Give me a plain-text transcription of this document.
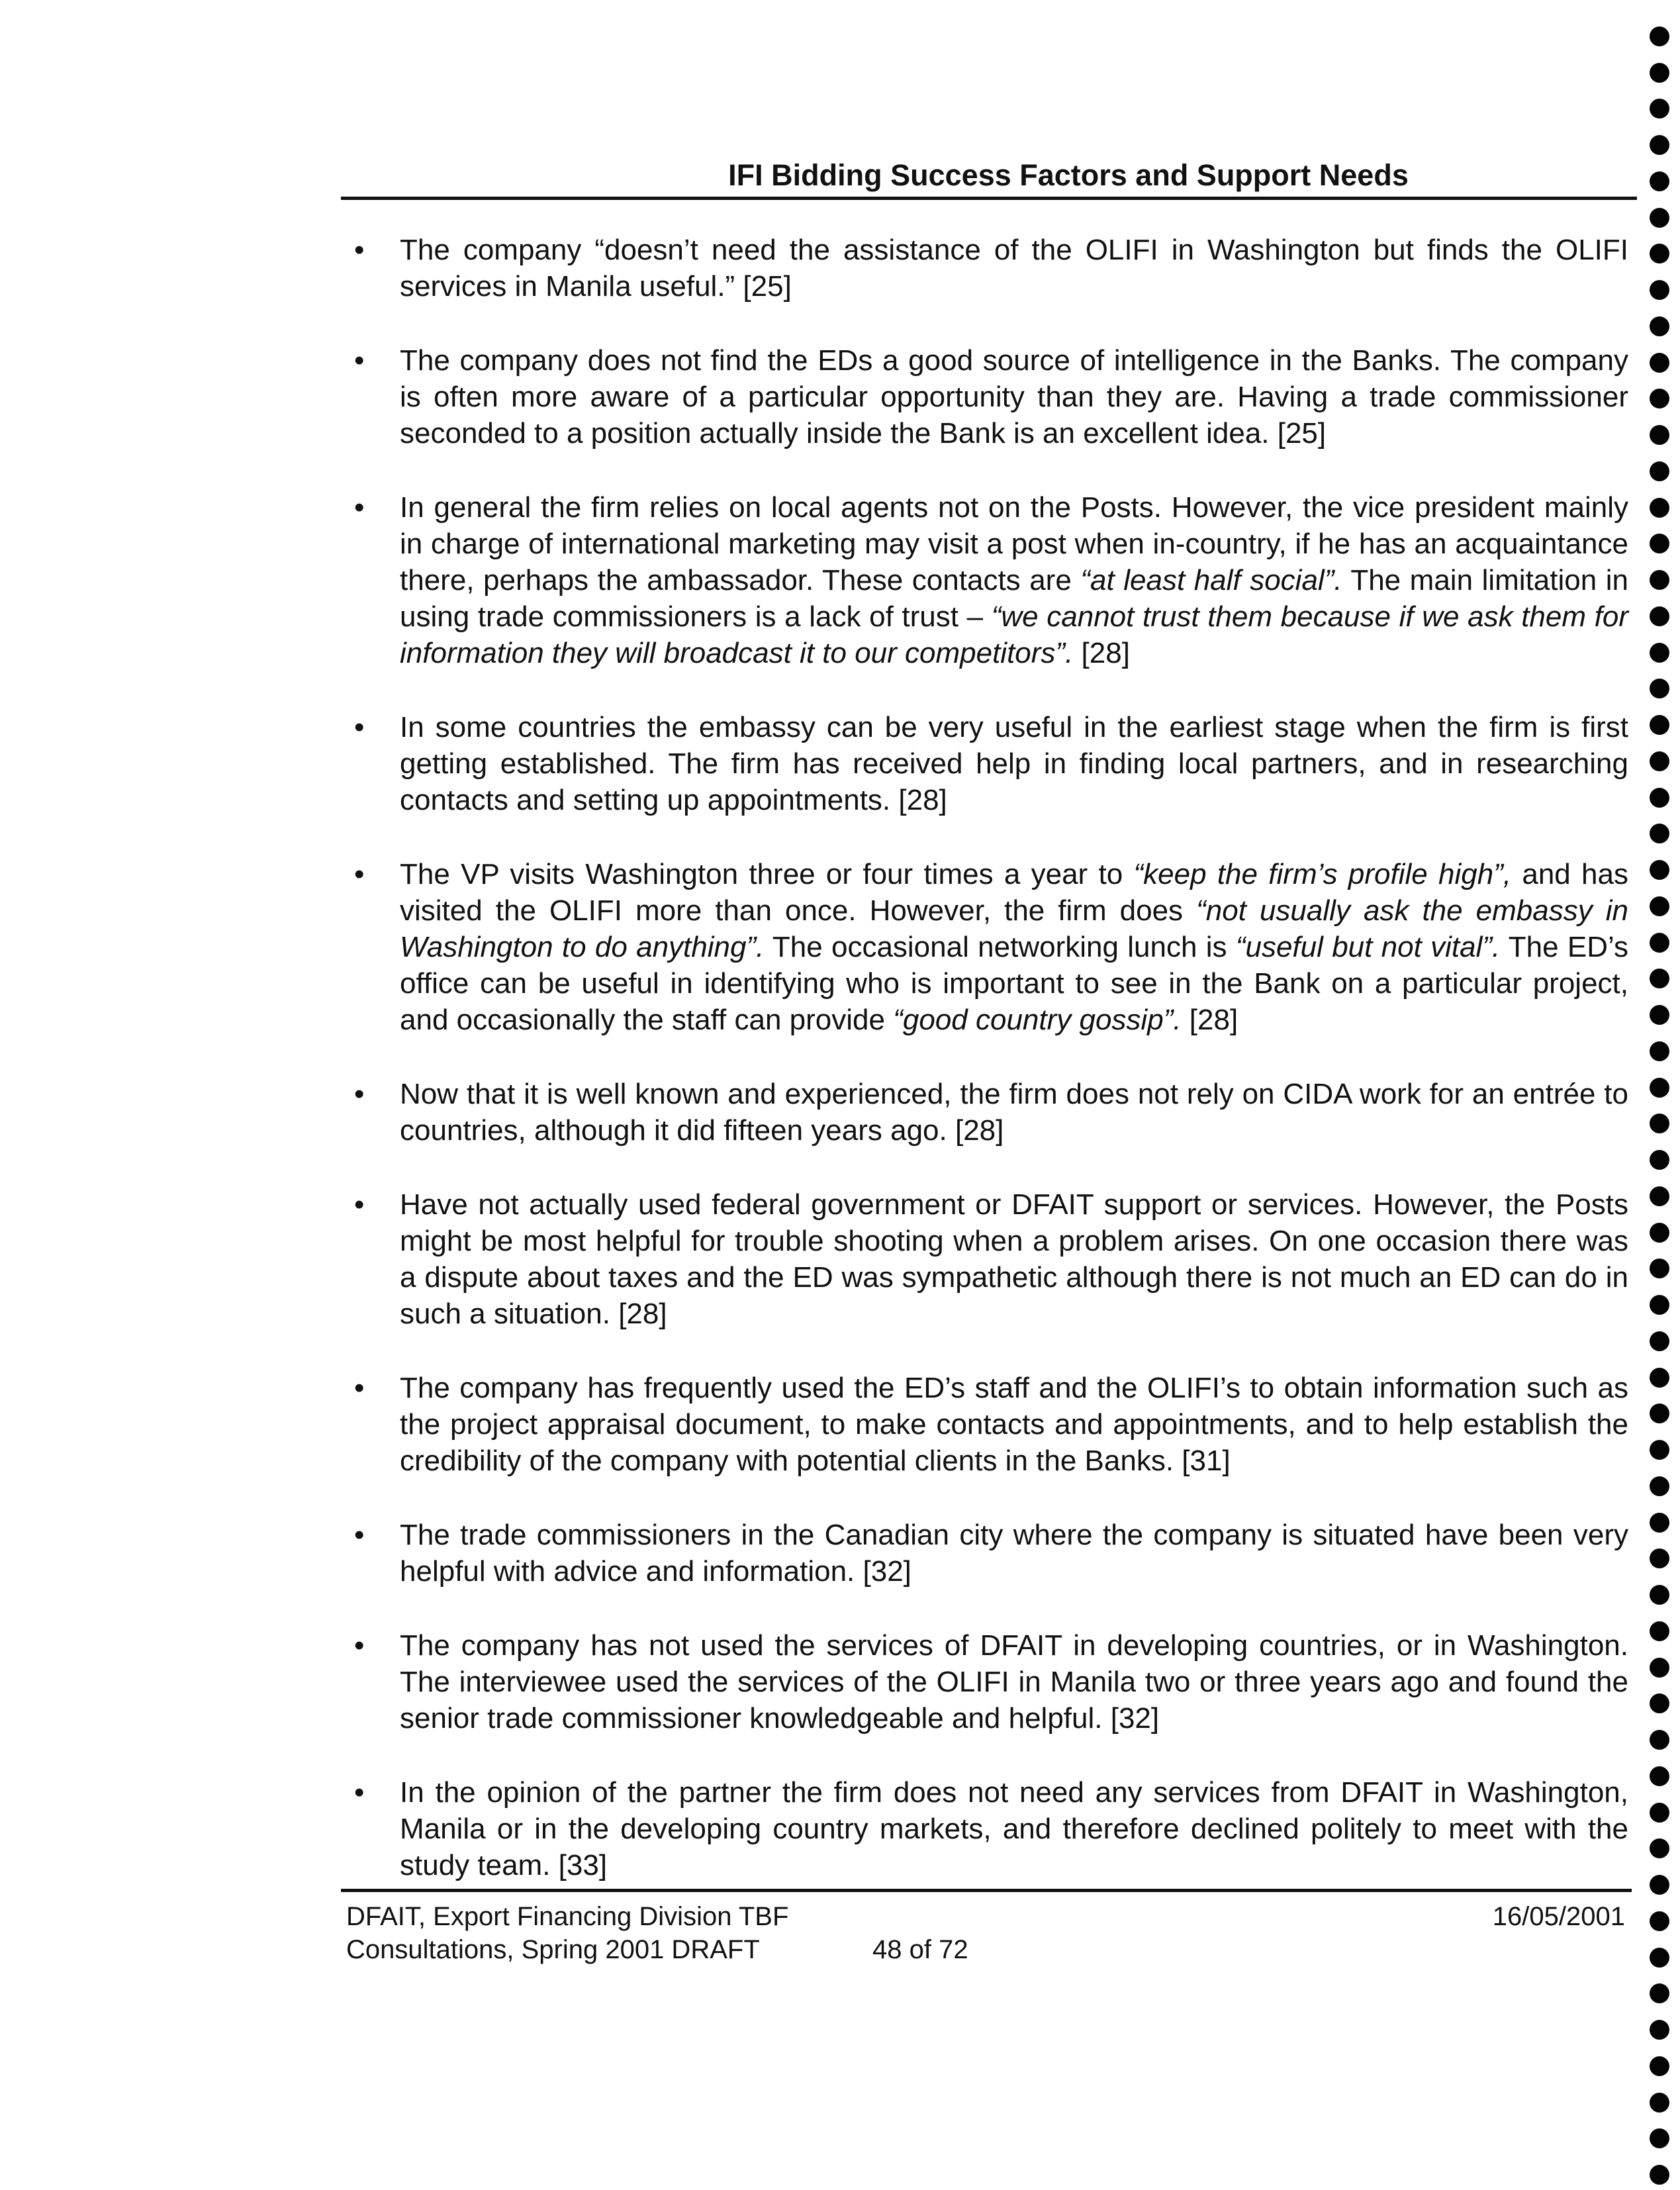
IFI Bidding Success Factors and Support Needs
• The company “doesn’t need the assistance of the OLIFI in Washington but finds the OLIFI services in Manila useful.” [25]
• The company does not find the EDs a good source of intelligence in the Banks. The company is often more aware of a particular opportunity than they are. Having a trade commissioner seconded to a position actually inside the Bank is an excellent idea. [25]
• In general the firm relies on local agents not on the Posts. However, the vice president mainly in charge of international marketing may visit a post when in-country, if he has an acquaintance there, perhaps the ambassador. These contacts are “at least half social”. The main limitation in using trade commissioners is a lack of trust – “we cannot trust them because if we ask them for information they will broadcast it to our competitors”. [28]
• In some countries the embassy can be very useful in the earliest stage when the firm is first getting established. The firm has received help in finding local partners, and in researching contacts and setting up appointments. [28]
• The VP visits Washington three or four times a year to “keep the firm’s profile high”, and has visited the OLIFI more than once. However, the firm does “not usually ask the embassy in Washington to do anything”. The occasional networking lunch is “useful but not vital”. The ED’s office can be useful in identifying who is important to see in the Bank on a particular project, and occasionally the staff can provide “good country gossip”. [28]
• Now that it is well known and experienced, the firm does not rely on CIDA work for an entrée to countries, although it did fifteen years ago. [28]
• Have not actually used federal government or DFAIT support or services. However, the Posts might be most helpful for trouble shooting when a problem arises. On one occasion there was a dispute about taxes and the ED was sympathetic although there is not much an ED can do in such a situation. [28]
• The company has frequently used the ED’s staff and the OLIFI’s to obtain information such as the project appraisal document, to make contacts and appointments, and to help establish the credibility of the company with potential clients in the Banks. [31]
• The trade commissioners in the Canadian city where the company is situated have been very helpful with advice and information. [32]
• The company has not used the services of DFAIT in developing countries, or in Washington. The interviewee used the services of the OLIFI in Manila two or three years ago and found the senior trade commissioner knowledgeable and helpful. [32]
• In the opinion of the partner the firm does not need any services from DFAIT in Washington, Manila or in the developing country markets, and therefore declined politely to meet with the study team. [33]
DFAIT, Export Financing Division TBF
Consultations, Spring 2001 DRAFT	48 of 72
16/05/2001
